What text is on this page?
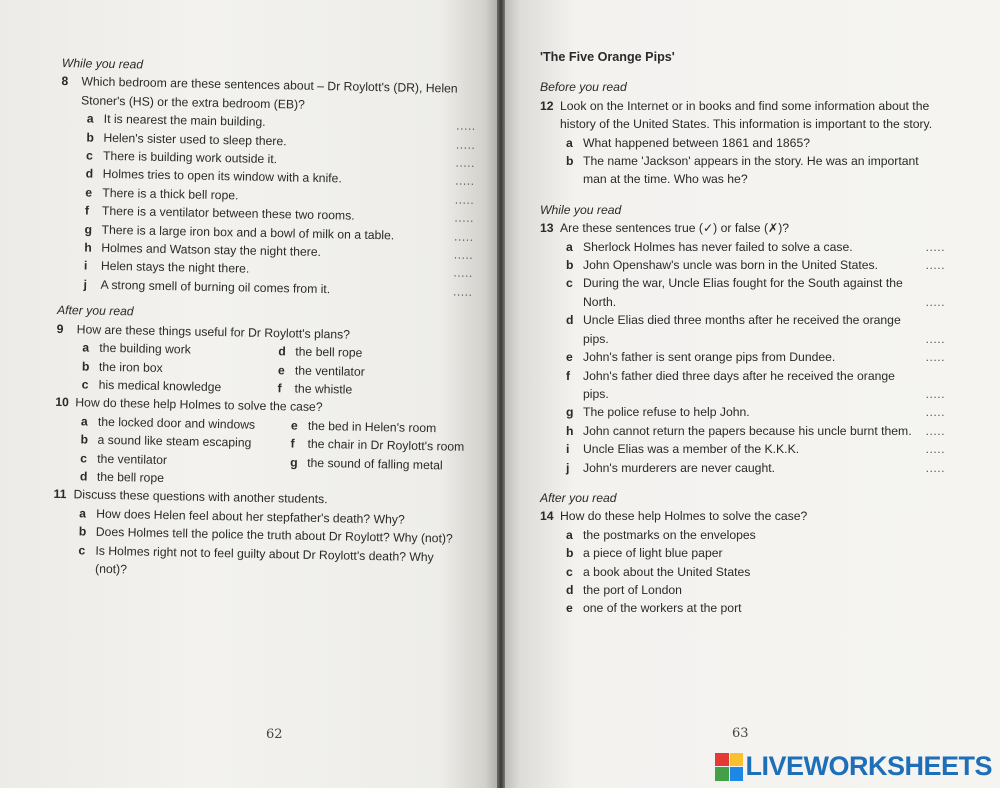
While you read
8	Which bedroom are these sentences about – Dr Roylott's (DR), Helen Stoner's (HS) or the extra bedroom (EB)?
a It is nearest the main building.	.....
b Helen's sister used to sleep there.	.....
c There is building work outside it.	.....
d Holmes tries to open its window with a knife.	.....
e There is a thick bell rope.	.....
f	There is a ventilator between these two rooms.	.....
g There is a large iron box and a bowl of milk on a table.	.....
h Holmes and Watson stay the night there.	.....
i	Helen stays the night there.	.....
j	A strong smell of burning oil comes from it.	.....
After you read
9	How are these things useful for Dr Roylott's plans?
a the building work	d the bell rope
b the iron box	e the ventilator
c his medical knowledge	f	the whistle
10 How do these help Holmes to solve the case?
a the locked door and windows	e the bed in Helen's room
b a sound like steam escaping	f	the chair in Dr Roylott's room
c the ventilator	g the sound of falling metal
d the bell rope
11 Discuss these questions with another students.
a How does Helen feel about her stepfather's death? Why?
b Does Holmes tell the police the truth about Dr Roylott? Why (not)?
c Is Holmes right not to feel guilty about Dr Roylott's death? Why (not)?
62
'The Five Orange Pips'
Before you read
12 Look on the Internet or in books and find some information about the history of the United States. This information is important to the story.
a What happened between 1861 and 1865?
b The name 'Jackson' appears in the story. He was an important man at the time. Who was he?
While you read
13 Are these sentences true (✓) or false (✗)?
a Sherlock Holmes has never failed to solve a case.	.....
b John Openshaw's uncle was born in the United States.	.....
c During the war, Uncle Elias fought for the South against the North.	.....
d Uncle Elias died three months after he received the orange pips.	.....
e John's father is sent orange pips from Dundee.	.....
f	John's father died three days after he received the orange pips.	.....
g The police refuse to help John.	.....
h John cannot return the papers because his uncle burnt them.	.....
i	Uncle Elias was a member of the K.K.K.	.....
j	John's murderers are never caught.	.....
After you read
14 How do these help Holmes to solve the case?
a the postmarks on the envelopes
b a piece of light blue paper
c a book about the United States
d the port of London
e one of the workers at the port
63
LIVEWORKSHEETS
